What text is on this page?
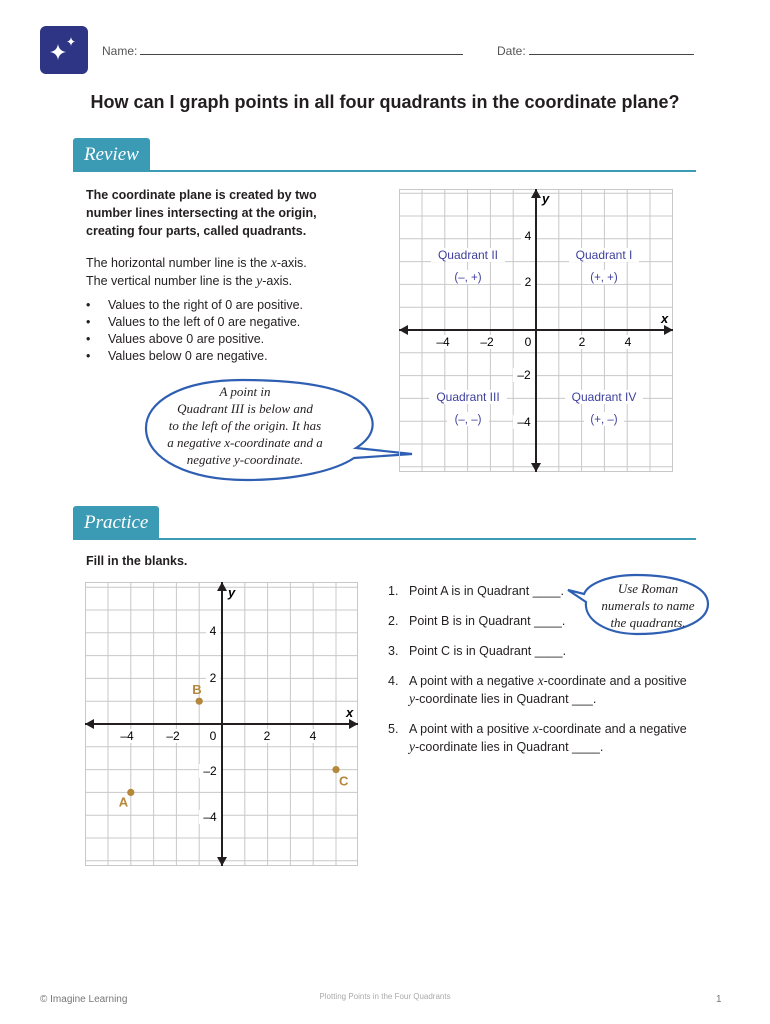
Name:	Date:
How can I graph points in all four quadrants in the coordinate plane?
Review
The coordinate plane is created by two number lines intersecting at the origin, creating four parts, called quadrants.
The horizontal number line is the x-axis.
The vertical number line is the y-axis.
• Values to the right of 0 are positive.
• Values to the left of 0 are negative.
• Values above 0 are positive.
• Values below 0 are negative.
A point in
Quadrant III is below and
to the left of the origin. It has
a negative x-coordinate and a
negative y-coordinate.
x
y
–4	–2	0	2	4
4
2
–2
–4
Quadrant II
(–, +)
Quadrant I
(+, +)
Quadrant III
(–, –)
Quadrant IV
(+, –)
Practice
Fill in the blanks.
x
y
–4	–2 0	2	4
4
2
–2
–4
A
B
C
Use Roman
numerals to name
the quadrants.
1. Point A is in Quadrant ____.
2. Point B is in Quadrant ____.
3. Point C is in Quadrant ____.
4. A point with a negative x-coordinate and a positive y-coordinate lies in Quadrant ___.
5. A point with a positive x-coordinate and a negative y-coordinate lies in Quadrant ____.
© Imagine Learning	Plotting Points in the Four Quadrants	1
